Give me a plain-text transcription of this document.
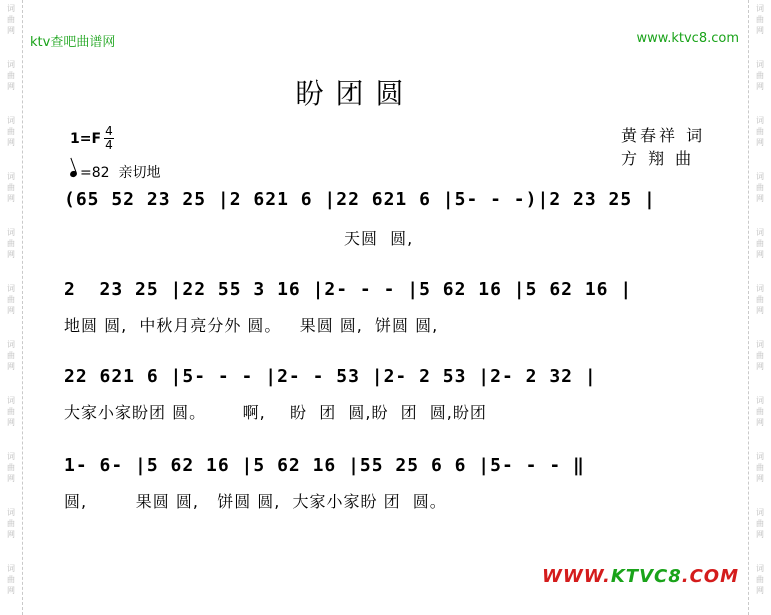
词
曲
网
词
曲
网
词
曲
网
词
曲
网
词
曲
网
词
曲
网
词
曲
网
词
曲
网
词
曲
网
词
曲
网
词
曲
网
词
曲
网
词
曲
网
词
曲
网
词
曲
网
词
曲
网
词
曲
网
词
曲
网
词
曲
网
词
曲
网
词
曲
网
词
曲
网
ktv查吧曲谱网	www.ktvc8.com
盼团圆
黄春祥 词
方 翔 曲
1=F 4
4
=82 亲切地
(65 52 23 25 |2 621 6 |22 621 6 |5- - -)|2 23 25 |
天圆  圆,
2  23 25 |22 55 3 16 |2- - - |5 62 16 |5 62 16 |
地圆 圆,  中秋月亮分外 圆。   果圆 圆,  饼圆 圆,
22 621 6 |5- - - |2- - 53 |2- 2 53 |2- 2 32 |
大家小家盼团 圆。      啊,    盼  团  圆,盼  团  圆,盼团
1- 6- |5 62 16 |5 62 16 |55 25 6 6 |5- - - ‖
圆,        果圆 圆,   饼圆 圆,  大家小家盼 团  圆。
WWW.KTVC8.COM
